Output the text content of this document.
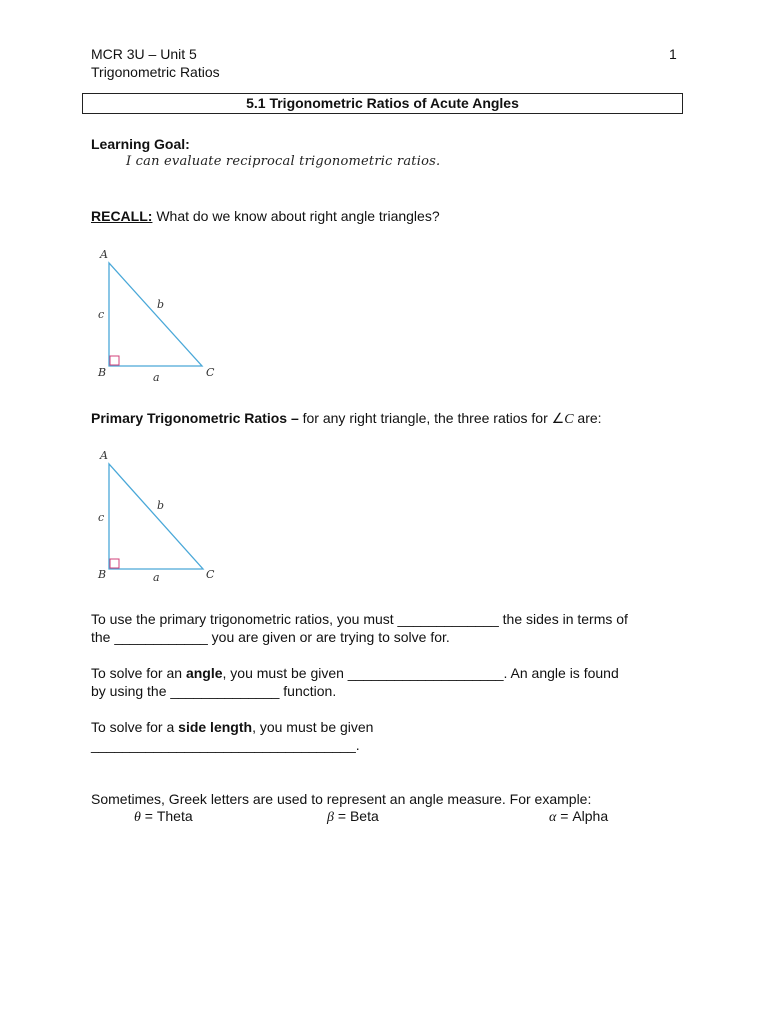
MCR 3U – Unit 5
Trigonometric Ratios
1
5.1 Trigonometric Ratios of Acute Angles
Learning Goal:
I can evaluate reciprocal trigonometric ratios.
RECALL: What do we know about right angle triangles?
A
B	C
a
b
c
Primary Trigonometric Ratios – for any right triangle, the three ratios for ∠C are:
A
B	C
a
b
c
To use the primary trigonometric ratios, you must _____________ the sides in terms of
the ____________ you are given or are trying to solve for.
To solve for an angle, you must be given ____________________. An angle is found
by using the ______________ function.
To solve for a side length, you must be given
__________________________________.
Sometimes, Greek letters are used to represent an angle measure. For example:
θ = Theta	β = Beta	α = Alpha
